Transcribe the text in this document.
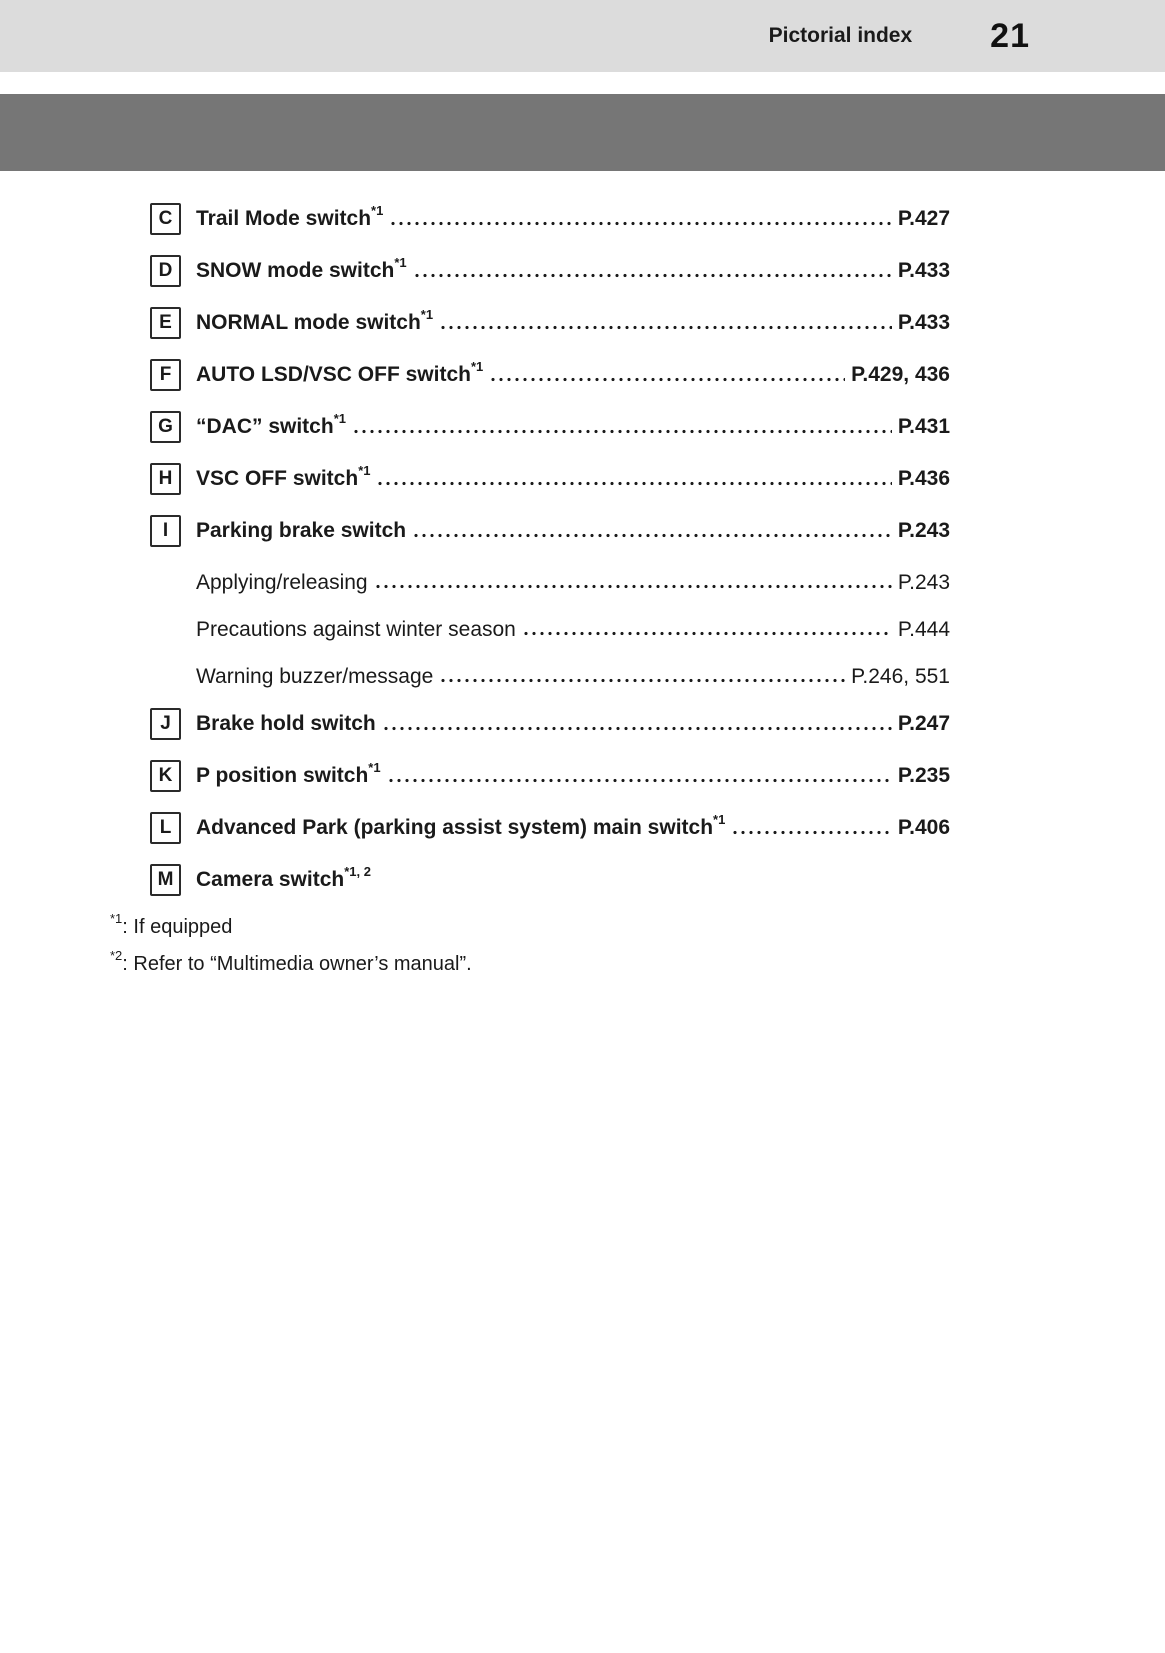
Pictorial index 21
C	Trail Mode switch$^{*1}$	P.427
D	SNOW mode switch$^{*1}$	P.433
E	NORMAL mode switch$^{*1}$	P.433
F	AUTO LSD/VSC OFF switch$^{*1}$	P.429, 436
G	“DAC” switch$^{*1}$	P.431
H	VSC OFF switch$^{*1}$	P.436
I	Parking brake switch	P.243
Applying/releasing	P.243
Precautions against winter season	P.444
Warning buzzer/message	P.246, 551
J	Brake hold switch	P.247
K	P position switch$^{*1}$	P.235
L	Advanced Park (parking assist system) main switch$^{*1}$	P.406
M	Camera switch$^{*1, 2}$
$^{*1}$: If equipped
$^{*2}$: Refer to “Multimedia owner’s manual”.
